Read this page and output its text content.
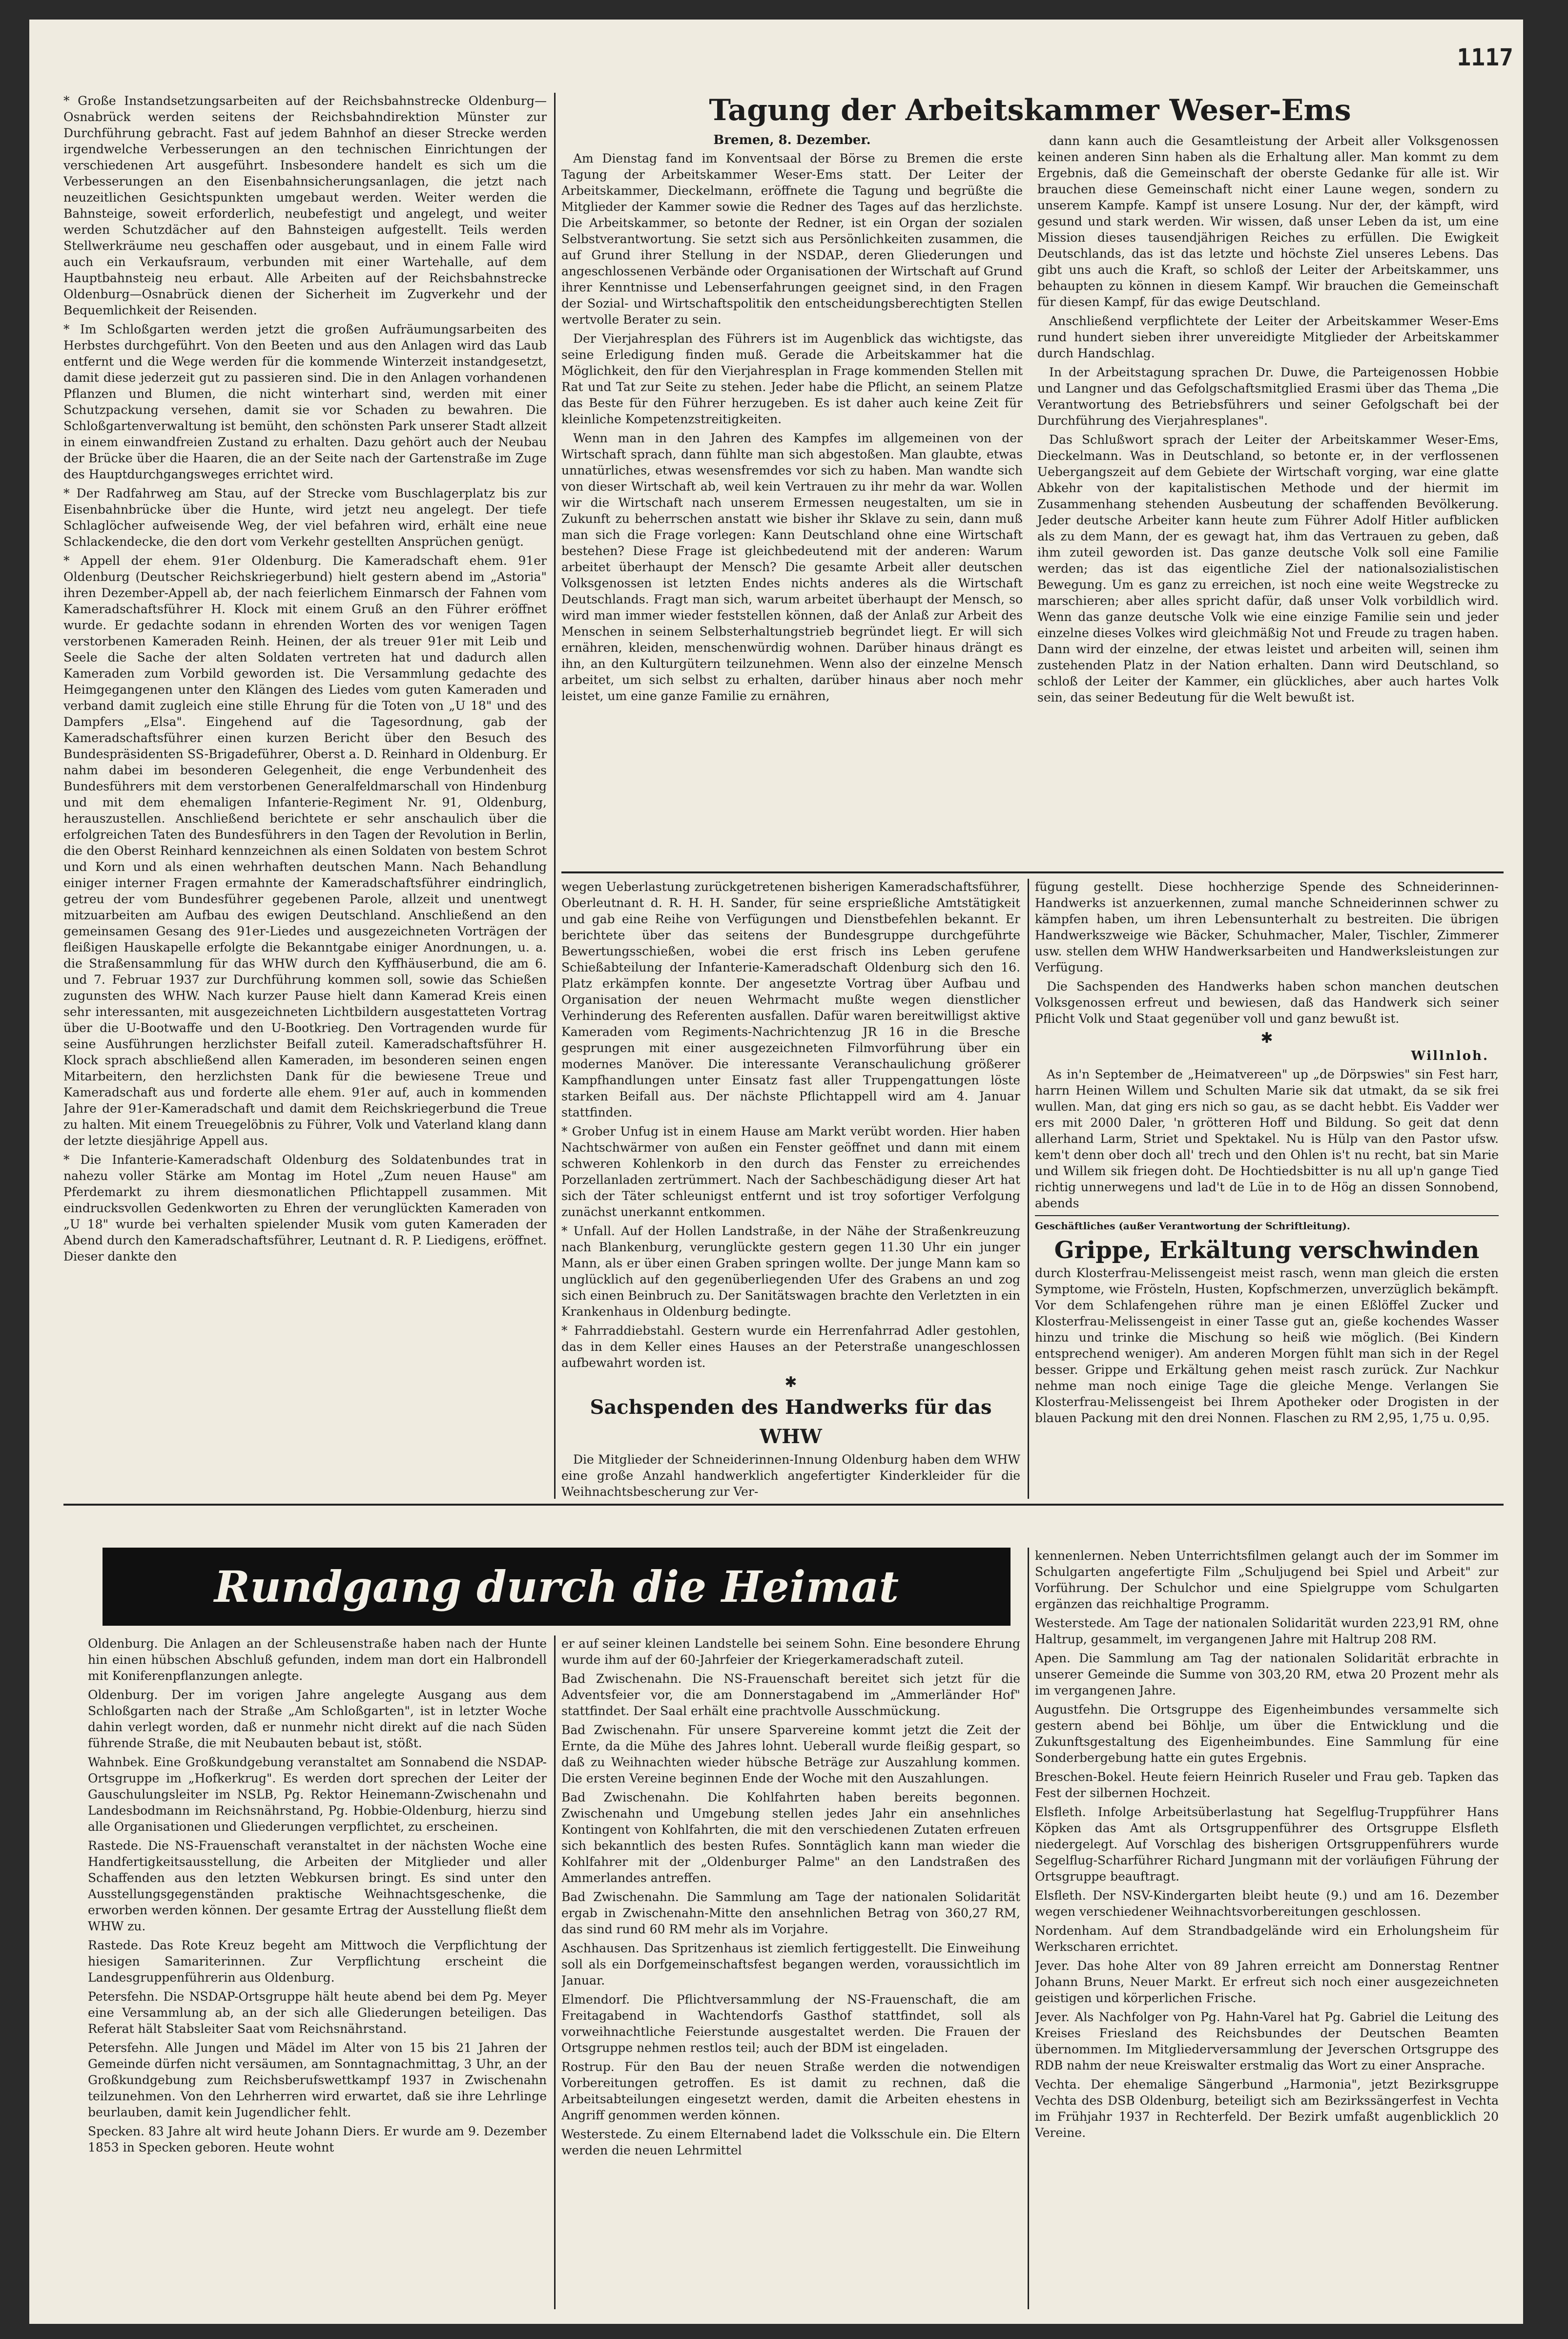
1117

* Große Instandsetzungsarbeiten auf der Reichsbahnstrecke Oldenburg—Osnabrück werden seitens der Reichsbahndirektion Münster zur Durchführung gebracht. Fast auf jedem Bahnhof an dieser Strecke werden irgendwelche Verbesserungen an den technischen Einrichtungen der verschiedenen Art ausgeführt. Insbesondere handelt es sich um die Verbesserungen an den Eisenbahnsicherungsanlagen, die jetzt nach neuzeitlichen Gesichtspunkten umgebaut werden. Weiter werden die Bahnsteige, soweit erforderlich, neubefestigt und angelegt, und weiter werden Schutzdächer auf den Bahnsteigen aufgestellt. Teils werden Stellwerkräume neu geschaffen oder ausgebaut, und in einem Falle wird auch ein Verkaufsraum, verbunden mit einer Wartehalle, auf dem Hauptbahnsteig neu erbaut. Alle Arbeiten auf der Reichsbahnstrecke Oldenburg—Osnabrück dienen der Sicherheit im Zugverkehr und der Bequemlichkeit der Reisenden.

* Im Schloßgarten werden jetzt die großen Aufräumungsarbeiten des Herbstes durchgeführt. Von den Beeten und aus den Anlagen wird das Laub entfernt und die Wege werden für die kommende Winterzeit instandgesetzt, damit diese jederzeit gut zu passieren sind. Die in den Anlagen vorhandenen Pflanzen und Blumen, die nicht winterhart sind, werden mit einer Schutzpackung versehen, damit sie vor Schaden zu bewahren. Die Schloßgartenverwaltung ist bemüht, den schönsten Park unserer Stadt allzeit in einem einwandfreien Zustand zu erhalten. Dazu gehört auch der Neubau der Brücke über die Haaren, die an der Seite nach der Gartenstraße im Zuge des Hauptdurchgangsweges errichtet wird.

* Der Radfahrweg am Stau, auf der Strecke vom Buschlagerplatz bis zur Eisenbahnbrücke über die Hunte, wird jetzt neu angelegt. Der tiefe Schlaglöcher aufweisende Weg, der viel befahren wird, erhält eine neue Schlackendecke, die den dort vom Verkehr gestellten Ansprüchen genügt.

* Appell der ehem. 91er Oldenburg. Die Kameradschaft ehem. 91er Oldenburg (Deutscher Reichskriegerbund) hielt gestern abend im „Astoria" ihren Dezember-Appell ab, der nach feierlichem Einmarsch der Fahnen vom Kameradschaftsführer H. Klock mit einem Gruß an den Führer eröffnet wurde. Er gedachte sodann in ehrenden Worten des vor wenigen Tagen verstorbenen Kameraden Reinh. Heinen, der als treuer 91er mit Leib und Seele die Sache der alten Soldaten vertreten hat und dadurch allen Kameraden zum Vorbild geworden ist. Die Versammlung gedachte des Heimgegangenen unter den Klängen des Liedes vom guten Kameraden und verband damit zugleich eine stille Ehrung für die Toten von „U 18" und des Dampfers „Elsa". Eingehend auf die Tagesordnung, gab der Kameradschaftsführer einen kurzen Bericht über den Besuch des Bundespräsidenten SS-Brigadeführer, Oberst a. D. Reinhard in Oldenburg. Er nahm dabei im besonderen Gelegenheit, die enge Verbundenheit des Bundesführers mit dem verstorbenen Generalfeldmarschall von Hindenburg und mit dem ehemaligen Infanterie-Regiment Nr. 91, Oldenburg, herauszustellen. Anschließend berichtete er sehr anschaulich über die erfolgreichen Taten des Bundesführers in den Tagen der Revolution in Berlin, die den Oberst Reinhard kennzeichnen als einen Soldaten von bestem Schrot und Korn und als einen wehrhaften deutschen Mann. Nach Behandlung einiger interner Fragen ermahnte der Kameradschaftsführer eindringlich, getreu der vom Bundesführer gegebenen Parole, allzeit und unentwegt mitzuarbeiten am Aufbau des ewigen Deutschland. Anschließend an den gemeinsamen Gesang des 91er-Liedes und ausgezeichneten Vorträgen der fleißigen Hauskapelle erfolgte die Bekanntgabe einiger Anordnungen, u. a. die Straßensammlung für das WHW durch den Kyffhäuserbund, die am 6. und 7. Februar 1937 zur Durchführung kommen soll, sowie das Schießen zugunsten des WHW. Nach kurzer Pause hielt dann Kamerad Kreis einen sehr interessanten, mit ausgezeichneten Lichtbildern ausgestatteten Vortrag über die U-Bootwaffe und den U-Bootkrieg. Den Vortragenden wurde für seine Ausführungen herzlichster Beifall zuteil. Kameradschaftsführer H. Klock sprach abschließend allen Kameraden, im besonderen seinen engen Mitarbeitern, den herzlichsten Dank für die bewiesene Treue und Kameradschaft aus und forderte alle ehem. 91er auf, auch in kommenden Jahre der 91er-Kameradschaft und damit dem Reichskriegerbund die Treue zu halten. Mit einem Treuegelöbnis zu Führer, Volk und Vaterland klang dann der letzte diesjährige Appell aus.

* Die Infanterie-Kameradschaft Oldenburg des Soldatenbundes trat in nahezu voller Stärke am Montag im Hotel „Zum neuen Hause" am Pferdemarkt zu ihrem diesmonatlichen Pflichtappell zusammen. Mit eindrucksvollen Gedenkworten zu Ehren der verunglückten Kameraden von „U 18" wurde bei verhalten spielender Musik vom guten Kameraden der Abend durch den Kameradschaftsführer, Leutnant d. R. P. Liedigens, eröffnet. Dieser dankte den

Tagung der Arbeitskammer Weser-Ems
Bremen, 8. Dezember.

Am Dienstag fand im Konventsaal der Börse zu Bremen die erste Tagung der Arbeitskammer Weser-Ems statt. Der Leiter der Arbeitskammer, Dieckelmann, eröffnete die Tagung und begrüßte die Mitglieder der Kammer sowie die Redner des Tages auf das herzlichste. Die Arbeitskammer, so betonte der Redner, ist ein Organ der sozialen Selbstverantwortung. Sie setzt sich aus Persönlichkeiten zusammen, die auf Grund ihrer Stellung in der NSDAP., deren Gliederungen und angeschlossenen Verbände oder Organisationen der Wirtschaft auf Grund ihrer Kenntnisse und Lebenserfahrungen geeignet sind, in den Fragen der Sozial- und Wirtschaftspolitik den entscheidungsberechtigten Stellen wertvolle Berater zu sein.

Der Vierjahresplan des Führers ist im Augenblick das wichtigste, das seine Erledigung finden muß. Gerade die Arbeitskammer hat die Möglichkeit, den für den Vierjahresplan in Frage kommenden Stellen mit Rat und Tat zur Seite zu stehen. Jeder habe die Pflicht, an seinem Platze das Beste für den Führer herzugeben. Es ist daher auch keine Zeit für kleinliche Kompetenzstreitigkeiten.

Wenn man in den Jahren des Kampfes im allgemeinen von der Wirtschaft sprach, dann fühlte man sich abgestoßen. Man glaubte, etwas unnatürliches, etwas wesensfremdes vor sich zu haben. Man wandte sich von dieser Wirtschaft ab, weil kein Vertrauen zu ihr mehr da war. Wollen wir die Wirtschaft nach unserem Ermessen neugestalten, um sie in Zukunft zu beherrschen anstatt wie bisher ihr Sklave zu sein, dann muß man sich die Frage vorlegen: Kann Deutschland ohne eine Wirtschaft bestehen? Diese Frage ist gleichbedeutend mit der anderen: Warum arbeitet überhaupt der Mensch? Die gesamte Arbeit aller deutschen Volksgenossen ist letzten Endes nichts anderes als die Wirtschaft Deutschlands. Fragt man sich, warum arbeitet überhaupt der Mensch, so wird man immer wieder feststellen können, daß der Anlaß zur Arbeit des Menschen in seinem Selbsterhaltungstrieb begründet liegt. Er will sich ernähren, kleiden, menschenwürdig wohnen. Darüber hinaus drängt es ihn, an den Kulturgütern teilzunehmen. Wenn also der einzelne Mensch arbeitet, um sich selbst zu erhalten, darüber hinaus aber noch mehr leistet, um eine ganze Familie zu ernähren,

dann kann auch die Gesamtleistung der Arbeit aller Volksgenossen keinen anderen Sinn haben als die Erhaltung aller. Man kommt zu dem Ergebnis, daß die Gemeinschaft der oberste Gedanke für alle ist. Wir brauchen diese Gemeinschaft nicht einer Laune wegen, sondern zu unserem Kampfe. Kampf ist unsere Losung. Nur der, der kämpft, wird gesund und stark werden. Wir wissen, daß unser Leben da ist, um eine Mission dieses tausendjährigen Reiches zu erfüllen. Die Ewigkeit Deutschlands, das ist das letzte und höchste Ziel unseres Lebens. Das gibt uns auch die Kraft, so schloß der Leiter der Arbeitskammer, uns behaupten zu können in diesem Kampf. Wir brauchen die Gemeinschaft für diesen Kampf, für das ewige Deutschland.

Anschließend verpflichtete der Leiter der Arbeitskammer Weser-Ems rund hundert sieben ihrer unvereidigte Mitglieder der Arbeitskammer durch Handschlag.

In der Arbeitstagung sprachen Dr. Duwe, die Parteigenossen Hobbie und Langner und das Gefolgschaftsmitglied Erasmi über das Thema „Die Verantwortung des Betriebsführers und seiner Gefolgschaft bei der Durchführung des Vierjahresplanes".

Das Schlußwort sprach der Leiter der Arbeitskammer Weser-Ems, Dieckelmann. Was in Deutschland, so betonte er, in der verflossenen Uebergangszeit auf dem Gebiete der Wirtschaft vorging, war eine glatte Abkehr von der kapitalistischen Methode und der hiermit im Zusammenhang stehenden Ausbeutung der schaffenden Bevölkerung. Jeder deutsche Arbeiter kann heute zum Führer Adolf Hitler aufblicken als zu dem Mann, der es gewagt hat, ihm das Vertrauen zu geben, daß ihm zuteil geworden ist. Das ganze deutsche Volk soll eine Familie werden; das ist das eigentliche Ziel der nationalsozialistischen Bewegung. Um es ganz zu erreichen, ist noch eine weite Wegstrecke zu marschieren; aber alles spricht dafür, daß unser Volk vorbildlich wird. Wenn das ganze deutsche Volk wie eine einzige Familie sein und jeder einzelne dieses Volkes wird gleichmäßig Not und Freude zu tragen haben. Dann wird der einzelne, der etwas leistet und arbeiten will, seinen ihm zustehenden Platz in der Nation erhalten. Dann wird Deutschland, so schloß der Leiter der Kammer, ein glückliches, aber auch hartes Volk sein, das seiner Bedeutung für die Welt bewußt ist.

wegen Ueberlastung zurückgetretenen bisherigen Kameradschaftsführer, Oberleutnant d. R. H. H. Sander, für seine ersprießliche Amtstätigkeit und gab eine Reihe von Verfügungen und Dienstbefehlen bekannt. Er berichtete über das seitens der Bundesgruppe durchgeführte Bewertungsschießen, wobei die erst frisch ins Leben gerufene Schießabteilung der Infanterie-Kameradschaft Oldenburg sich den 16. Platz erkämpfen konnte. Der angesetzte Vortrag über Aufbau und Organisation der neuen Wehrmacht mußte wegen dienstlicher Verhinderung des Referenten ausfallen. Dafür waren bereitwilligst aktive Kameraden vom Regiments-Nachrichtenzug JR 16 in die Bresche gesprungen mit einer ausgezeichneten Filmvorführung über ein modernes Manöver. Die interessante Veranschaulichung größerer Kampfhandlungen unter Einsatz fast aller Truppengattungen löste starken Beifall aus. Der nächste Pflichtappell wird am 4. Januar stattfinden.

* Grober Unfug ist in einem Hause am Markt verübt worden. Hier haben Nachtschwärmer von außen ein Fenster geöffnet und dann mit einem schweren Kohlenkorb in den durch das Fenster zu erreichendes Porzellanladen zertrümmert. Nach der Sachbeschädigung dieser Art hat sich der Täter schleunigst entfernt und ist troy sofortiger Verfolgung zunächst unerkannt entkommen.

* Unfall. Auf der Hollen Landstraße, in der Nähe der Straßenkreuzung nach Blankenburg, verunglückte gestern gegen 11.30 Uhr ein junger Mann, als er über einen Graben springen wollte. Der junge Mann kam so unglücklich auf den gegenüberliegenden Ufer des Grabens an und zog sich einen Beinbruch zu. Der Sanitätswagen brachte den Verletzten in ein Krankenhaus in Oldenburg bedingte.

* Fahrraddiebstahl. Gestern wurde ein Herrenfahrrad Adler gestohlen, das in dem Keller eines Hauses an der Peterstraße unangeschlossen aufbewahrt worden ist.

✱
Sachspenden des Handwerks für das WHW

Die Mitglieder der Schneiderinnen-Innung Oldenburg haben dem WHW eine große Anzahl handwerklich angefertigter Kinderkleider für die Weihnachtsbescherung zur Ver-

fügung gestellt. Diese hochherzige Spende des Schneiderinnen-Handwerks ist anzuerkennen, zumal manche Schneiderinnen schwer zu kämpfen haben, um ihren Lebensunterhalt zu bestreiten. Die übrigen Handwerkszweige wie Bäcker, Schuhmacher, Maler, Tischler, Zimmerer usw. stellen dem WHW Handwerksarbeiten und Handwerksleistungen zur Verfügung.

Die Sachspenden des Handwerks haben schon manchen deutschen Volksgenossen erfreut und bewiesen, daß das Handwerk sich seiner Pflicht Volk und Staat gegenüber voll und ganz bewußt ist.

✱
Willnloh.

As in'n September de „Heimatvereen" up „de Dörpswies" sin Fest harr, harrn Heinen Willem und Schulten Marie sik dat utmakt, da se sik frei wullen. Man, dat ging ers nich so gau, as se dacht hebbt. Eis Vadder wer ers mit 2000 Daler, 'n grötteren Hoff und Bildung. So geit dat denn allerhand Larm, Striet und Spektakel. Nu is Hülp van den Pastor ufsw. kem't denn ober doch all' trech und den Ohlen is't nu recht, bat sin Marie und Willem sik friegen doht. De Hochtiedsbitter is nu all up'n gange Tied richtig unnerwegens und lad't de Lüe in to de Hög an dissen Sonnobend, abends

Geschäftliches (außer Verantwortung der Schriftleitung).
Grippe, Erkältung verschwinden

durch Klosterfrau-Melissengeist meist rasch, wenn man gleich die ersten Symptome, wie Frösteln, Husten, Kopfschmerzen, unverzüglich bekämpft. Vor dem Schlafengehen rühre man je einen Eßlöffel Zucker und Klosterfrau-Melissengeist in einer Tasse gut an, gieße kochendes Wasser hinzu und trinke die Mischung so heiß wie möglich. (Bei Kindern entsprechend weniger). Am anderen Morgen fühlt man sich in der Regel besser. Grippe und Erkältung gehen meist rasch zurück. Zur Nachkur nehme man noch einige Tage die gleiche Menge. Verlangen Sie Klosterfrau-Melissengeist bei Ihrem Apotheker oder Drogisten in der blauen Packung mit den drei Nonnen. Flaschen zu RM 2,95, 1,75 u. 0,95.

Rundgang durch die Heimat

Oldenburg. Die Anlagen an der Schleusenstraße haben nach der Hunte hin einen hübschen Abschluß gefunden, indem man dort ein Halbrondell mit Koniferenpflanzungen anlegte.

Oldenburg. Der im vorigen Jahre angelegte Ausgang aus dem Schloßgarten nach der Straße „Am Schloßgarten", ist in letzter Woche dahin verlegt worden, daß er nunmehr nicht direkt auf die nach Süden führende Straße, die mit Neubauten bebaut ist, stößt.

Wahnbek. Eine Großkundgebung veranstaltet am Sonnabend die NSDAP-Ortsgruppe im „Hofkerkrug". Es werden dort sprechen der Leiter der Gauschulungsleiter im NSLB, Pg. Rektor Heinemann-Zwischenahn und Landesbodmann im Reichsnährstand, Pg. Hobbie-Oldenburg, hierzu sind alle Organisationen und Gliederungen verpflichtet, zu erscheinen.

Rastede. Die NS-Frauenschaft veranstaltet in der nächsten Woche eine Handfertigkeitsausstellung, die Arbeiten der Mitglieder und aller Schaffenden aus den letzten Webkursen bringt. Es sind unter den Ausstellungsgegenständen praktische Weihnachtsgeschenke, die erworben werden können. Der gesamte Ertrag der Ausstellung fließt dem WHW zu.

Rastede. Das Rote Kreuz begeht am Mittwoch die Verpflichtung der hiesigen Samariterinnen. Zur Verpflichtung erscheint die Landesgruppenführerin aus Oldenburg.

Petersfehn. Die NSDAP-Ortsgruppe hält heute abend bei dem Pg. Meyer eine Versammlung ab, an der sich alle Gliederungen beteiligen. Das Referat hält Stabsleiter Saat vom Reichsnährstand.

Petersfehn. Alle Jungen und Mädel im Alter von 15 bis 21 Jahren der Gemeinde dürfen nicht versäumen, am Sonntagnachmittag, 3 Uhr, an der Großkundgebung zum Reichsberufswettkampf 1937 in Zwischenahn teilzunehmen. Von den Lehrherren wird erwartet, daß sie ihre Lehrlinge beurlauben, damit kein Jugendlicher fehlt.

Specken. 83 Jahre alt wird heute Johann Diers. Er wurde am 9. Dezember 1853 in Specken geboren. Heute wohnt

er auf seiner kleinen Landstelle bei seinem Sohn. Eine besondere Ehrung wurde ihm auf der 60-Jahrfeier der Kriegerkameradschaft zuteil.

Bad Zwischenahn. Die NS-Frauenschaft bereitet sich jetzt für die Adventsfeier vor, die am Donnerstagabend im „Ammerländer Hof" stattfindet. Der Saal erhält eine prachtvolle Ausschmückung.

Bad Zwischenahn. Für unsere Sparvereine kommt jetzt die Zeit der Ernte, da die Mühe des Jahres lohnt. Ueberall wurde fleißig gespart, so daß zu Weihnachten wieder hübsche Beträge zur Auszahlung kommen. Die ersten Vereine beginnen Ende der Woche mit den Auszahlungen.

Bad Zwischenahn. Die Kohlfahrten haben bereits begonnen. Zwischenahn und Umgebung stellen jedes Jahr ein ansehnliches Kontingent von Kohlfahrten, die mit den verschiedenen Zutaten erfreuen sich bekanntlich des besten Rufes. Sonntäglich kann man wieder die Kohlfahrer mit der „Oldenburger Palme" an den Landstraßen des Ammerlandes antreffen.

Bad Zwischenahn. Die Sammlung am Tage der nationalen Solidarität ergab in Zwischenahn-Mitte den ansehnlichen Betrag von 360,27 RM, das sind rund 60 RM mehr als im Vorjahre.

Aschhausen. Das Spritzenhaus ist ziemlich fertiggestellt. Die Einweihung soll als ein Dorfgemeinschaftsfest begangen werden, voraussichtlich im Januar.

Elmendorf. Die Pflichtversammlung der NS-Frauenschaft, die am Freitagabend in Wachtendorfs Gasthof stattfindet, soll als vorweihnachtliche Feierstunde ausgestaltet werden. Die Frauen der Ortsgruppe nehmen restlos teil; auch der BDM ist eingeladen.

Rostrup. Für den Bau der neuen Straße werden die notwendigen Vorbereitungen getroffen. Es ist damit zu rechnen, daß die Arbeitsabteilungen eingesetzt werden, damit die Arbeiten ehestens in Angriff genommen werden können.

Westerstede. Zu einem Elternabend ladet die Volksschule ein. Die Eltern werden die neuen Lehrmittel

kennenlernen. Neben Unterrichtsfilmen gelangt auch der im Sommer im Schulgarten angefertigte Film „Schuljugend bei Spiel und Arbeit" zur Vorführung. Der Schulchor und eine Spielgruppe vom Schulgarten ergänzen das reichhaltige Programm.

Westerstede. Am Tage der nationalen Solidarität wurden 223,91 RM, ohne Haltrup, gesammelt, im vergangenen Jahre mit Haltrup 208 RM.

Apen. Die Sammlung am Tag der nationalen Solidarität erbrachte in unserer Gemeinde die Summe von 303,20 RM, etwa 20 Prozent mehr als im vergangenen Jahre.

Augustfehn. Die Ortsgruppe des Eigenheimbundes versammelte sich gestern abend bei Böhlje, um über die Entwicklung und die Zukunftsgestaltung des Eigenheimbundes. Eine Sammlung für eine Sonderbergebung hatte ein gutes Ergebnis.

Breschen-Bokel. Heute feiern Heinrich Ruseler und Frau geb. Tapken das Fest der silbernen Hochzeit.

Elsfleth. Infolge Arbeitsüberlastung hat Segelflug-Truppführer Hans Köpken das Amt als Ortsgruppenführer des Ortsgruppe Elsfleth niedergelegt. Auf Vorschlag des bisherigen Ortsgruppenführers wurde Segelflug-Scharführer Richard Jungmann mit der vorläufigen Führung der Ortsgruppe beauftragt.

Elsfleth. Der NSV-Kindergarten bleibt heute (9.) und am 16. Dezember wegen verschiedener Weihnachtsvorbereitungen geschlossen.

Nordenham. Auf dem Strandbadgelände wird ein Erholungsheim für Werkscharen errichtet.

Jever. Das hohe Alter von 89 Jahren erreicht am Donnerstag Rentner Johann Bruns, Neuer Markt. Er erfreut sich noch einer ausgezeichneten geistigen und körperlichen Frische.

Jever. Als Nachfolger von Pg. Hahn-Varel hat Pg. Gabriel die Leitung des Kreises Friesland des Reichsbundes der Deutschen Beamten übernommen. Im Mitgliederversammlung der Jeverschen Ortsgruppe des RDB nahm der neue Kreiswalter erstmalig das Wort zu einer Ansprache.

Vechta. Der ehemalige Sängerbund „Harmonia", jetzt Bezirksgruppe Vechta des DSB Oldenburg, beteiligt sich am Bezirkssängerfest in Vechta im Frühjahr 1937 in Rechterfeld. Der Bezirk umfaßt augenblicklich 20 Vereine.
